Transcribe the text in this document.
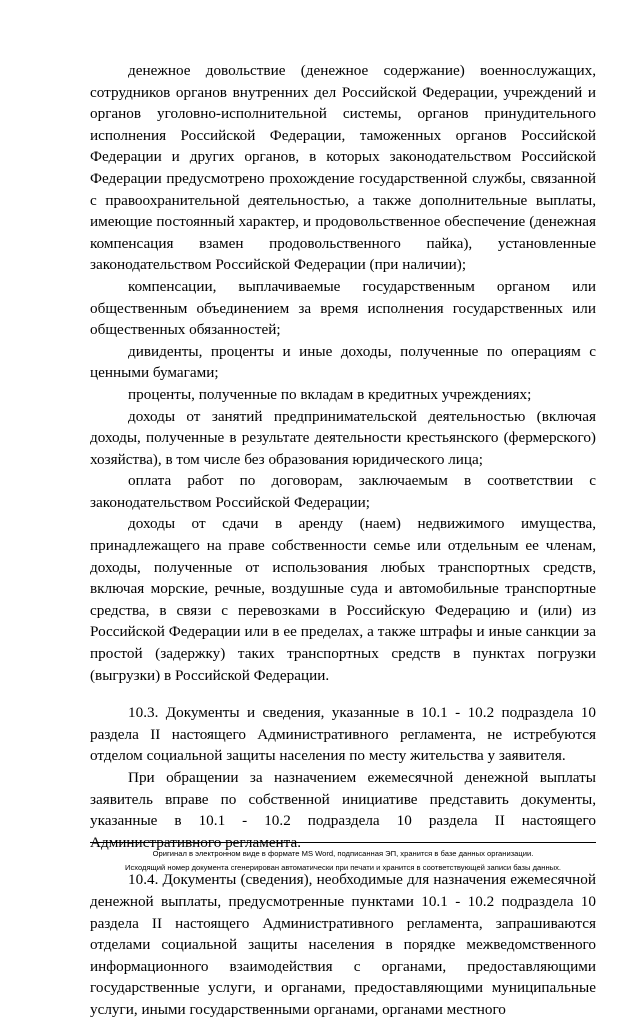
денежное довольствие (денежное содержание) военнослужащих, сотрудников органов внутренних дел Российской Федерации, учреждений и органов уголовно-исполнительной системы, органов принудительного исполнения Российской Федерации, таможенных органов Российской Федерации и других органов, в которых законодательством Российской Федерации предусмотрено прохождение государственной службы, связанной с правоохранительной деятельностью, а также дополнительные выплаты, имеющие постоянный характер, и продовольственное обеспечение (денежная компенсация взамен продовольственного пайка), установленные законодательством Российской Федерации (при наличии);

компенсации, выплачиваемые государственным органом или общественным объединением за время исполнения государственных или общественных обязанностей;

дивиденты, проценты и иные доходы, полученные по операциям с ценными бумагами;

проценты, полученные по вкладам в кредитных учреждениях;

доходы от занятий предпринимательской деятельностью (включая доходы, полученные в результате деятельности крестьянского (фермерского) хозяйства), в том числе без образования юридического лица;

оплата работ по договорам, заключаемым в соответствии с законодательством Российской Федерации;

доходы от сдачи в аренду (наем) недвижимого имущества, принадлежащего на праве собственности семье или отдельным ее членам, доходы, полученные от использования любых транспортных средств, включая морские, речные, воздушные суда и автомобильные транспортные средства, в связи с перевозками в Российскую Федерацию и (или) из Российской Федерации или в ее пределах, а также штрафы и иные санкции за простой (задержку) таких транспортных средств в пунктах погрузки (выгрузки) в Российской Федерации.

10.3. Документы и сведения, указанные в 10.1 - 10.2 подраздела 10 раздела II настоящего Административного регламента, не истребуются отделом социальной защиты населения по месту жительства у заявителя.

При обращении за назначением ежемесячной денежной выплаты заявитель вправе по собственной инициативе представить документы, указанные в 10.1 - 10.2 подраздела 10 раздела II настоящего Административного регламента.

10.4. Документы (сведения), необходимые для назначения ежемесячной денежной выплаты, предусмотренные пунктами 10.1 - 10.2 подраздела 10 раздела II настоящего Административного регламента, запрашиваются отделами социальной защиты населения в порядке межведомственного информационного взаимодействия с органами, предоставляющими государственные услуги, и органами, предоставляющими муниципальные услуги, иными государственными органами, органами местного

Оригинал в электронном виде в формате MS Word, подписанная ЭП, хранится в базе данных организации.
Исходящий номер документа сгенерирован автоматически при печати и хранится в соответствующей записи базы данных.
